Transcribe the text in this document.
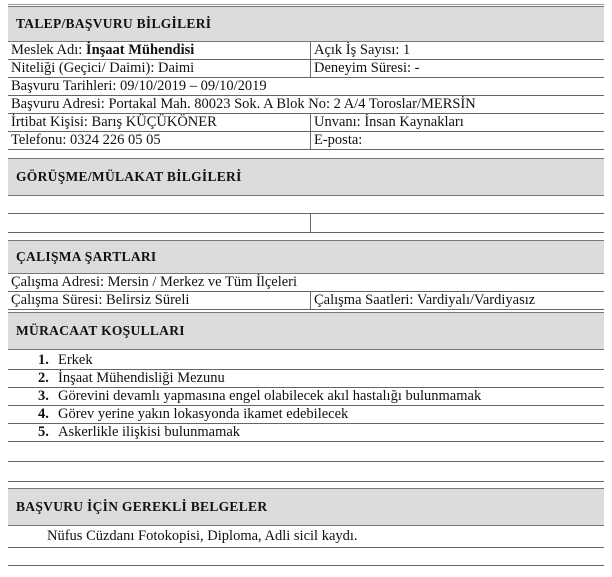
TALEP/BAŞVURU BİLGİLERİ
Meslek Adı: İnşaat Mühendisi	Açık İş Sayısı: 1
Niteliği (Geçici/ Daimi): Daimi	Deneyim Süresi: -
Başvuru Tarihleri: 09/10/2019 – 09/10/2019
Başvuru Adresi: Portakal Mah. 80023 Sok. A Blok No: 2 A/4 Toroslar/MERSİN
İrtibat Kişisi: Barış KÜÇÜKÖNER	Unvanı: İnsan Kaynakları
Telefonu: 0324 226 05 05	E-posta:
GÖRÜŞME/MÜLAKAT BİLGİLERİ
ÇALIŞMA ŞARTLARI
Çalışma Adresi: Mersin / Merkez ve Tüm İlçeleri
Çalışma Süresi: Belirsiz Süreli	Çalışma Saatleri: Vardiyalı/Vardiyasız
MÜRACAAT KOŞULLARI
1. Erkek
2. İnşaat Mühendisliği Mezunu
3. Görevini devamlı yapmasına engel olabilecek akıl hastalığı bulunmamak
4. Görev yerine yakın lokasyonda ikamet edebilecek
5. Askerlikle ilişkisi bulunmamak
BAŞVURU İÇİN GEREKLİ BELGELER
Nüfus Cüzdanı Fotokopisi, Diploma, Adli sicil kaydı.
